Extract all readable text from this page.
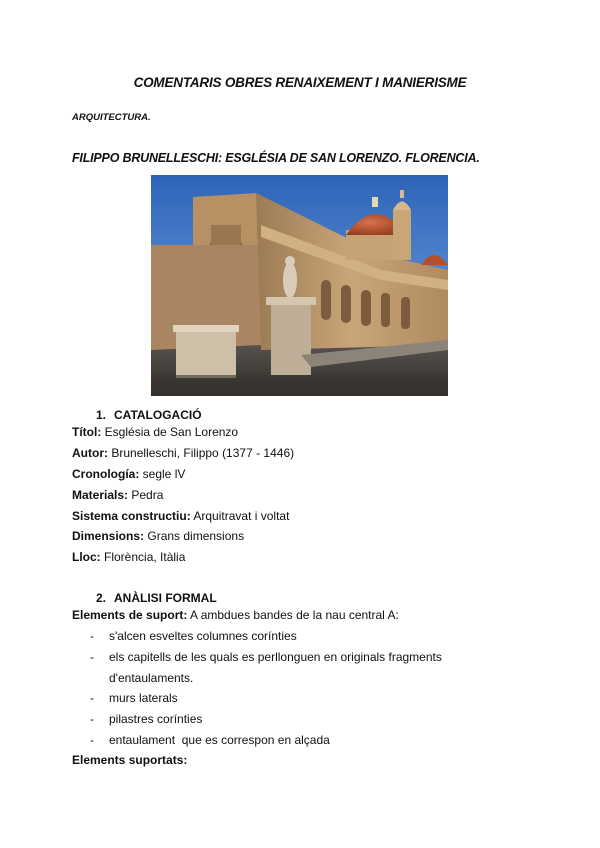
COMENTARIS OBRES RENAIXEMENT I MANIERISME
ARQUITECTURA.
FILIPPO BRUNELLESCHI: ESGLÉSIA DE SAN LORENZO. FLORENCIA.
1. CATALOGACIÓ
Títol: Església de San Lorenzo
Autor: Brunelleschi, Filippo (1377 - 1446)
Cronología: segle lV
Materials: Pedra
Sistema constructiu: Arquitravat i voltat
Dimensions: Grans dimensions
Lloc: Florència, Itàlia
2. ANÀLISI FORMAL
Elements de suport: A ambdues bandes de la nau central A:
- s'alcen esveltes columnes corínties
- els capitells de les quals es perllonguen en originals fragments d'entaulaments.
- murs laterals
- pilastres corínties
- entaulament  que es correspon en alçada
Elements suportats:
